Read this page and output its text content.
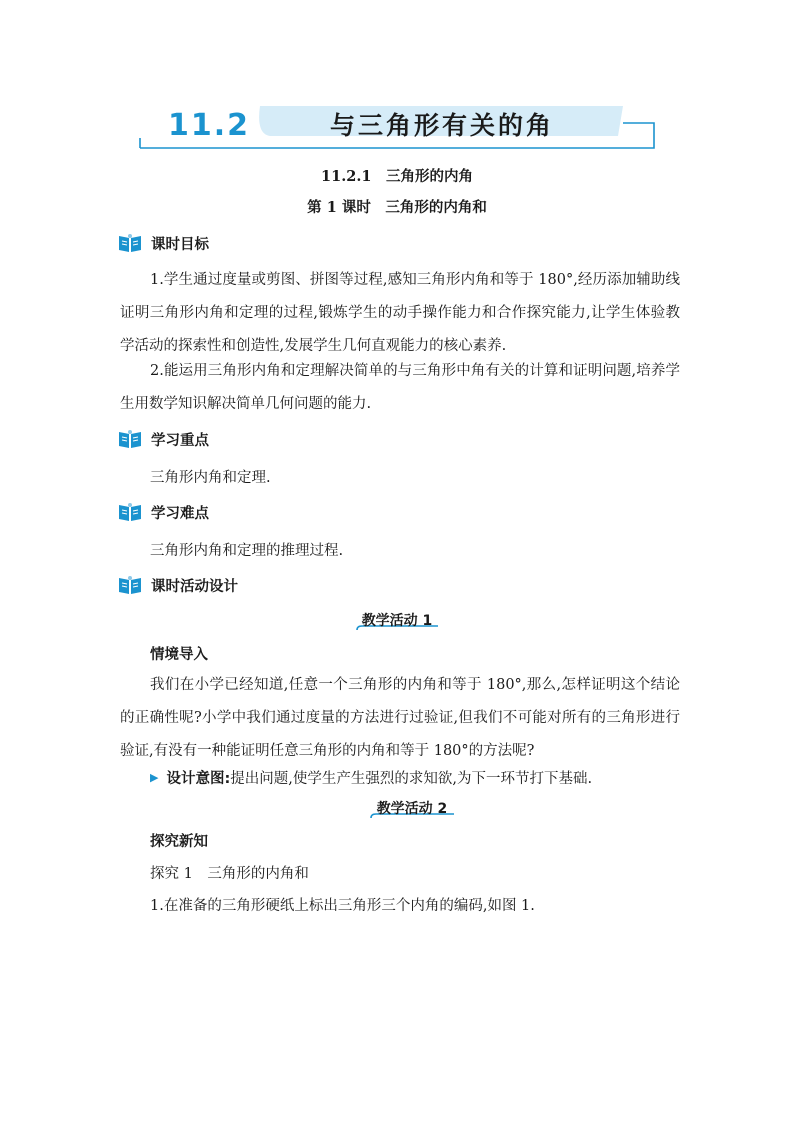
11.2	与三角形有关的角
11.2.1　三角形的内角
第 1 课时　三角形的内角和
课时目标
1.学生通过度量或剪图、拼图等过程,感知三角形内角和等于 180°,经历添加辅助线证明三角形内角和定理的过程,锻炼学生的动手操作能力和合作探究能力,让学生体验教学活动的探索性和创造性,发展学生几何直观能力的核心素养.
2.能运用三角形内角和定理解决简单的与三角形中角有关的计算和证明问题,培养学生用数学知识解决简单几何问题的能力.
学习重点
三角形内角和定理.
学习难点
三角形内角和定理的推理过程.
课时活动设计
教学活动 1
情境导入
我们在小学已经知道,任意一个三角形的内角和等于 180°,那么,怎样证明这个结论的正确性呢?小学中我们通过度量的方法进行过验证,但我们不可能对所有的三角形进行验证,有没有一种能证明任意三角形的内角和等于 180°的方法呢?
▶ 设计意图: 提出问题,使学生产生强烈的求知欲,为下一环节打下基础.
教学活动 2
探究新知
探究 1　三角形的内角和
1.在准备的三角形硬纸上标出三角形三个内角的编码,如图 1.
